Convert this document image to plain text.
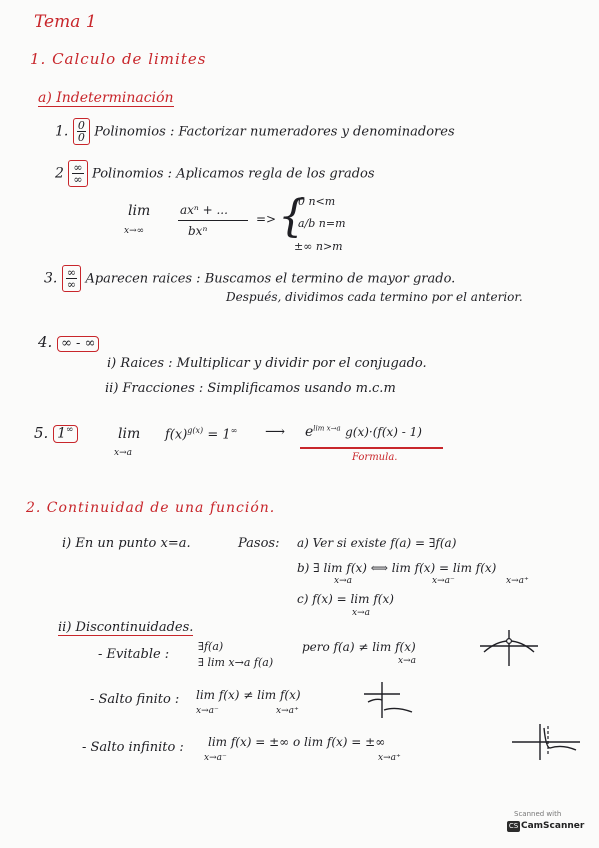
Tema 1
1. Calculo de limites
a) Indeterminación
1. $\frac{0}{0}$ Polinomios : Factorizar numeradores y denominadores
$2 \frac{\infty}{\infty}$ Polinomios : Aplicamos regla de los grados
lim
x→∞
axⁿ + ...
bxⁿ
=> {
0 n<m
a/b n=m
±∞ n>m
3. $\frac{\infty}{\infty}$ Aparecen raices : Buscamos el termino de mayor grado.
Después, dividimos cada termino por el anterior.
4. ∞ - ∞
i) Raices : Multiplicar y dividir por el conjugado.
ii) Fracciones : Simplificamos usando m.c.m
5. 1∞	lim
x→a
$f(x)^{g(x)} = 1^\infty$ ⟶ $e^{lim x\to a}$ g(x)·(f(x) - 1)
Formula.
2. Continuidad de una función.
i) En un punto x=a.	Pasos: a) Ver si existe f(a) = ∃f(a)
b) ∃ lim f(x) ⟺ lim f(x) = lim f(x)
x→a	x→a⁻	x→a⁺
c) f(x) = lim f(x)
x→a
ii) Discontinuidades.
- Evitable :
∃f(a)
∃ lim x→a f(a)
pero f(a) ≠ lim f(x)
x→a
- Salto finito : lim f(x) ≠ lim f(x)
x→a⁻	x→a⁺
- Salto infinito : lim f(x) = ±∞ o lim f(x) = ±∞
x→a⁻	x→a⁺
Scanned with
CS CamScanner
